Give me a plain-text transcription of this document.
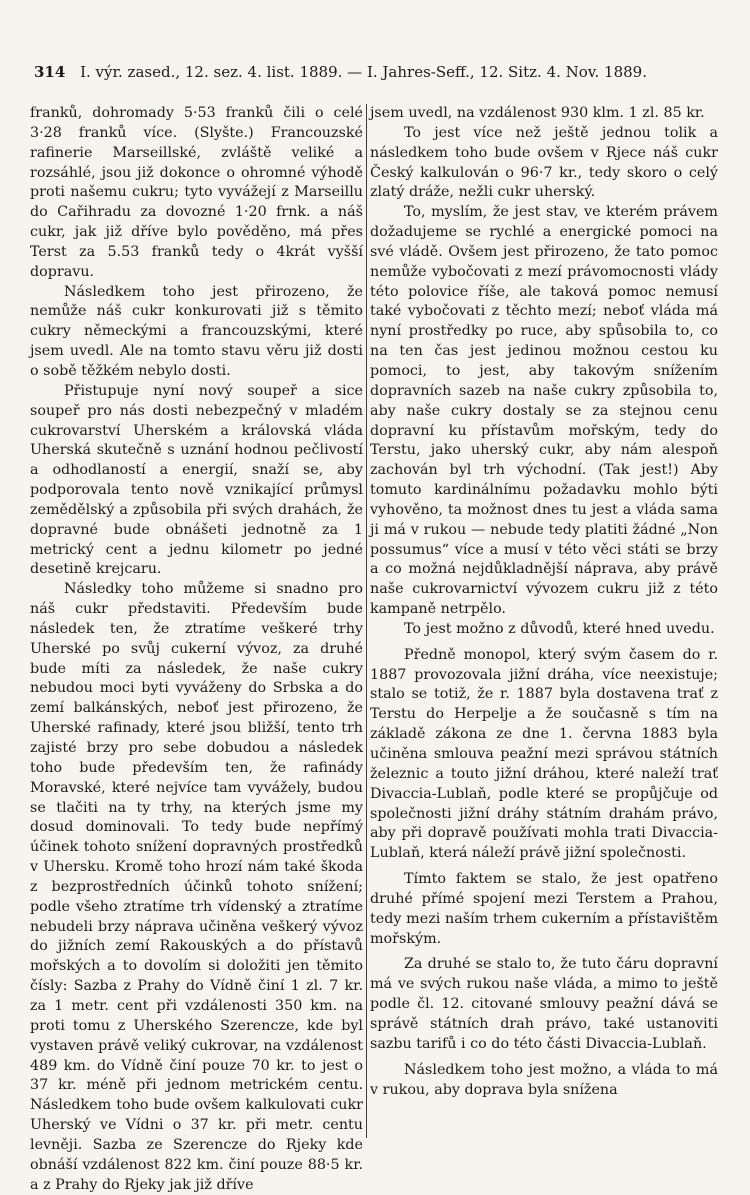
314 I. výr. zased., 12. sez. 4. list. 1889. — I. Jahres-Seff., 12. Sitz. 4. Nov. 1889.

franků, dohromady 5·53 franků čili o celé 3·28 franků více. (Slyšte.) Francouzské rafinerie Marseillské, zvláště veliké a rozsáhlé, jsou již dokonce o ohromné výhodě proti našemu cukru; tyto vyvážejí z Marseillu do Cařihradu za dovozné 1·20 frnk. a náš cukr, jak již dříve bylo pověděno, má přes Terst za 5.53 franků tedy o 4krát vyšší dopravu.

Následkem toho jest přirozeno, že nemůže náš cukr konkurovati již s těmito cukry německými a francouzskými, které jsem uvedl. Ale na tomto stavu věru již dosti o sobě těžkém nebylo dosti.

Přistupuje nyní nový soupeř a sice soupeř pro nás dosti nebezpečný v mladém cukrovarství Uherském a královská vláda Uherská skutečně s uznání hodnou pečlivostí a odhodlaností a energií, snaží se, aby podporovala tento nově vznikající průmysl zemědělský a způsobila při svých drahách, že dopravné bude obnášeti jednotně za 1 metrický cent a jednu kilometr po jedné desetině krejcaru.

Následky toho můžeme si snadno pro náš cukr představiti. Především bude následek ten, že ztratíme veškeré trhy Uherské po svůj cukerní vývoz, za druhé bude míti za následek, že naše cukry nebudou moci byti vyváženy do Srbska a do zemí balkánských, neboť jest přirozeno, že Uherské rafinady, které jsou bližší, tento trh zajisté brzy pro sebe dobudou a následek toho bude především ten, že rafinády Moravské, které nejvíce tam vyvážely, budou se tlačiti na ty trhy, na kterých jsme my dosud dominovali. To tedy bude nepřímý účinek tohoto snížení dopravných prostředků v Uhersku. Kromě toho hrozí nám také škoda z bezprostředních účinků tohoto snížení; podle všeho ztratíme trh vídenský a ztratíme nebudeli brzy náprava učiněna veškerý vývoz do jižních zemí Rakouských a do přístavů mořských a to dovolím si doložiti jen těmito čísly: Sazba z Prahy do Vídně činí 1 zl. 7 kr. za 1 metr. cent při vzdálenosti 350 km. na proti tomu z Uherského Szerencze, kde byl vystaven právě veliký cukrovar, na vzdálenost 489 km. do Vídně činí pouze 70 kr. to jest o 37 kr. méně při jednom metrickém centu. Následkem toho bude ovšem kalkulovati cukr Uherský ve Vídni o 37 kr. při metr. centu levněji. Sazba ze Szerencze do Rjeky kde obnáší vzdálenost 822 km. činí pouze 88·5 kr. a z Prahy do Rjeky jak již dříve

jsem uvedl, na vzdálenost 930 klm. 1 zl. 85 kr.

To jest více než ještě jednou tolik a následkem toho bude ovšem v Rjece náš cukr Český kalkulován o 96·7 kr., tedy skoro o celý zlatý dráže, nežli cukr uherský.

To, myslím, že jest stav, ve kterém právem dožadujeme se rychlé a energické pomoci na své vládě. Ovšem jest přirozeno, že tato pomoc nemůže vybočovati z mezí právomocnosti vlády této polovice říše, ale taková pomoc nemusí také vybočovati z těchto mezí; neboť vláda má nyní prostředky po ruce, aby spůsobila to, co na ten čas jest jedinou možnou cestou ku pomoci, to jest, aby takovým snížením dopravních sazeb na naše cukry způsobila to, aby naše cukry dostaly se za stejnou cenu dopravní ku přístavům mořským, tedy do Terstu, jako uherský cukr, aby nám alespoň zachován byl trh východní. (Tak jest!) Aby tomuto kardinálnímu požadavku mohlo býti vyhověno, ta možnost dnes tu jest a vláda sama ji má v rukou — nebude tedy platiti žádné „Non possumus“ více a musí v této věci státi se brzy a co možná nejdůkladnější náprava, aby právě naše cukrovarnictví vývozem cukru již z této kampaně netrpělo.

To jest možno z důvodů, které hned uvedu.

Předně monopol, který svým časem do r. 1887 provozovala jižní dráha, více neexistuje; stalo se totiž, že r. 1887 byla dostavena trať z Terstu do Herpelje a že současně s tím na základě zákona ze dne 1. června 1883 byla učiněna smlouva peažní mezi správou státních železnic a touto jižní dráhou, které naleží trať Divaccia-Lublaň, podle které se propůjčuje od společnosti jižní dráhy státním drahám právo, aby při dopravě používati mohla trati Divaccia-Lublaň, která náleží právě jižní společnosti.

Tímto faktem se stalo, že jest opatřeno druhé přímé spojení mezi Terstem a Prahou, tedy mezi naším trhem cukerním a přístavištěm mořským.

Za druhé se stalo to, že tuto čáru dopravní má ve svých rukou naše vláda, a mimo to ještě podle čl. 12. citované smlouvy peažní dává se správě státních drah právo, také ustanoviti sazbu tarifů i co do této části Divaccia-Lublaň.

Následkem toho jest možno, a vláda to má v rukou, aby doprava byla snížena
